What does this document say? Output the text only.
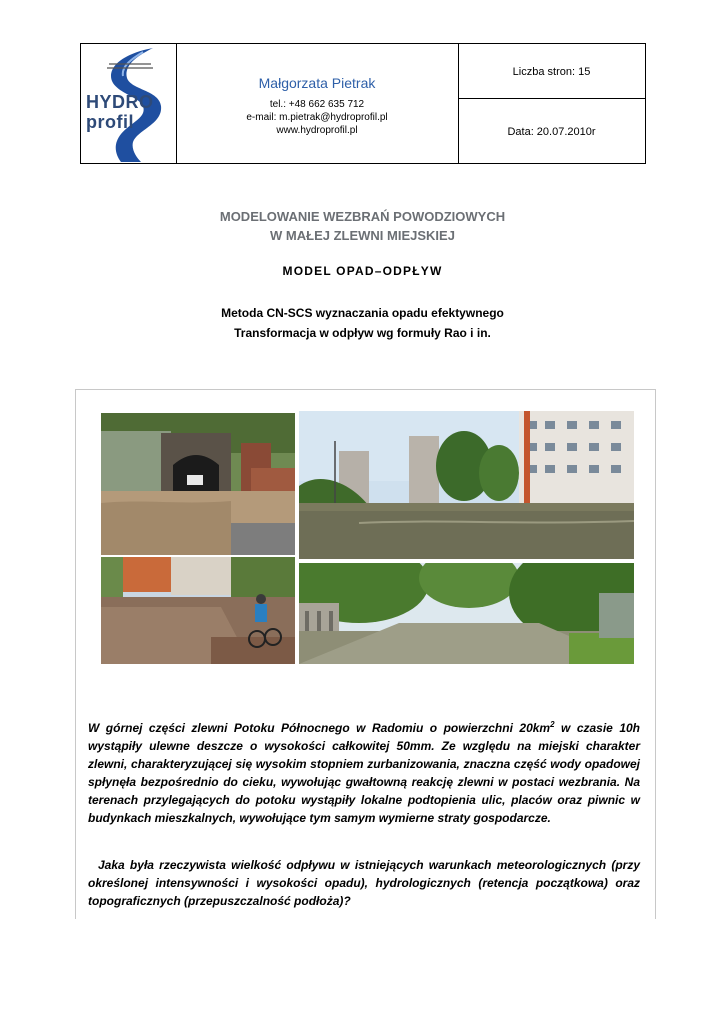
HYDRO
profil
Małgorzata Pietrak
tel.: +48 662 635 712
e-mail: m.pietrak@hydroprofil.pl
www.hydroprofil.pl
Liczba stron: 15
Data: 20.07.2010r
MODELOWANIE WEZBRAŃ POWODZIOWYCH
W MAŁEJ ZLEWNI MIEJSKIEJ
MODEL OPAD–ODPŁYW
Metoda CN-SCS wyznaczania opadu efektywnego
Transformacja w odpływ wg formuły Rao i in.

W górnej części zlewni Potoku Północnego w Radomiu o powierzchni $20km^2$ w czasie 10h wystąpiły ulewne deszcze o wysokości całkowitej 50mm. Ze względu na miejski charakter zlewni, charakteryzującej się wysokim stopniem zurbanizowania, znaczna część wody opadowej spłynęła bezpośrednio do cieku, wywołując gwałtowną reakcję zlewni w postaci wezbrania. Na terenach przylegających do potoku wystąpiły lokalne podtopienia ulic, placów oraz piwnic w budynkach mieszkalnych, wywołujące tym samym wymierne straty gospodarcze.

Jaka była rzeczywista wielkość odpływu w istniejących warunkach meteorologicznych (przy określonej intensywności i wysokości opadu), hydrologicznych (retencja początkowa) oraz topograficznych (przepuszczalność podłoża)?
